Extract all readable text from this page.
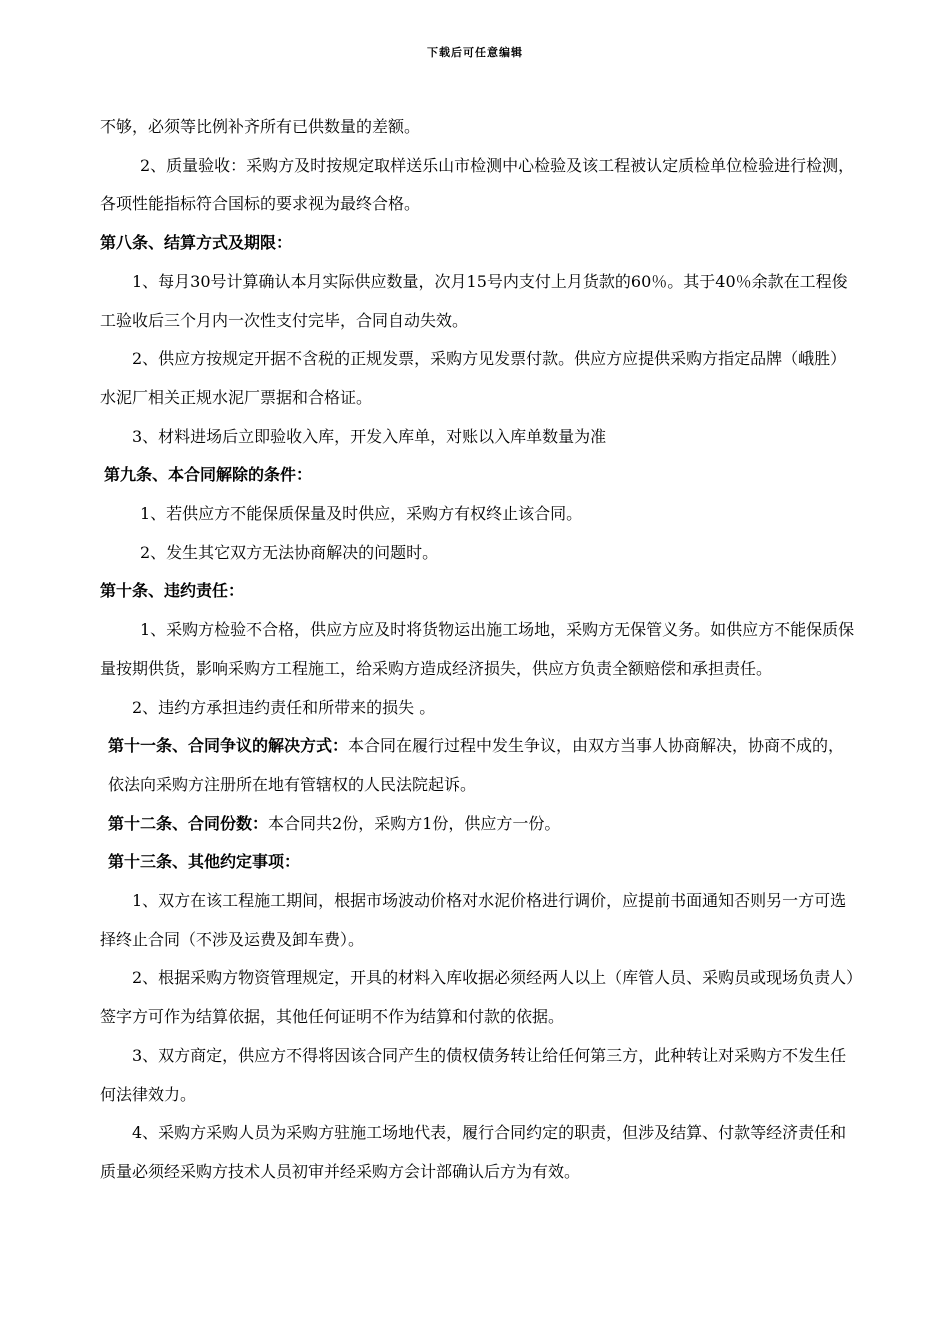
下载后可任意编辑

不够，必须等比例补齐所有已供数量的差额。

2、质量验收：采购方及时按规定取样送乐山市检测中心检验及该工程被认定质检单位检验进行检测，各项性能指标符合国标的要求视为最终合格。

第八条、结算方式及期限：

1、每月30号计算确认本月实际供应数量，次月15号内支付上月货款的60％。其于40％余款在工程俊工验收后三个月内一次性支付完毕，合同自动失效。

2、供应方按规定开据不含税的正规发票，采购方见发票付款。供应方应提供采购方指定品牌（峨胜）水泥厂相关正规水泥厂票据和合格证。

3、材料进场后立即验收入库，开发入库单，对账以入库单数量为准

第九条、本合同解除的条件：

1、若供应方不能保质保量及时供应，采购方有权终止该合同。

2、发生其它双方无法协商解决的问题时。

第十条、违约责任：

1、采购方检验不合格，供应方应及时将货物运出施工场地，采购方无保管义务。如供应方不能保质保量按期供货，影响采购方工程施工，给采购方造成经济损失，供应方负责全额赔偿和承担责任。

2、违约方承担违约责任和所带来的损失 。

第十一条、合同争议的解决方式：本合同在履行过程中发生争议，由双方当事人协商解决，协商不成的，依法向采购方注册所在地有管辖权的人民法院起诉。

第十二条、合同份数：本合同共2份，采购方1份，供应方一份。

第十三条、其他约定事项：

1、双方在该工程施工期间，根据市场波动价格对水泥价格进行调价，应提前书面通知否则另一方可选择终止合同（不涉及运费及卸车费）。

2、根据采购方物资管理规定，开具的材料入库收据必须经两人以上（库管人员、采购员或现场负责人）签字方可作为结算依据，其他任何证明不作为结算和付款的依据。

3、双方商定，供应方不得将因该合同产生的债权债务转让给任何第三方，此种转让对采购方不发生任何法律效力。

4、采购方采购人员为采购方驻施工场地代表，履行合同约定的职责，但涉及结算、付款等经济责任和质量必须经采购方技术人员初审并经采购方会计部确认后方为有效。
